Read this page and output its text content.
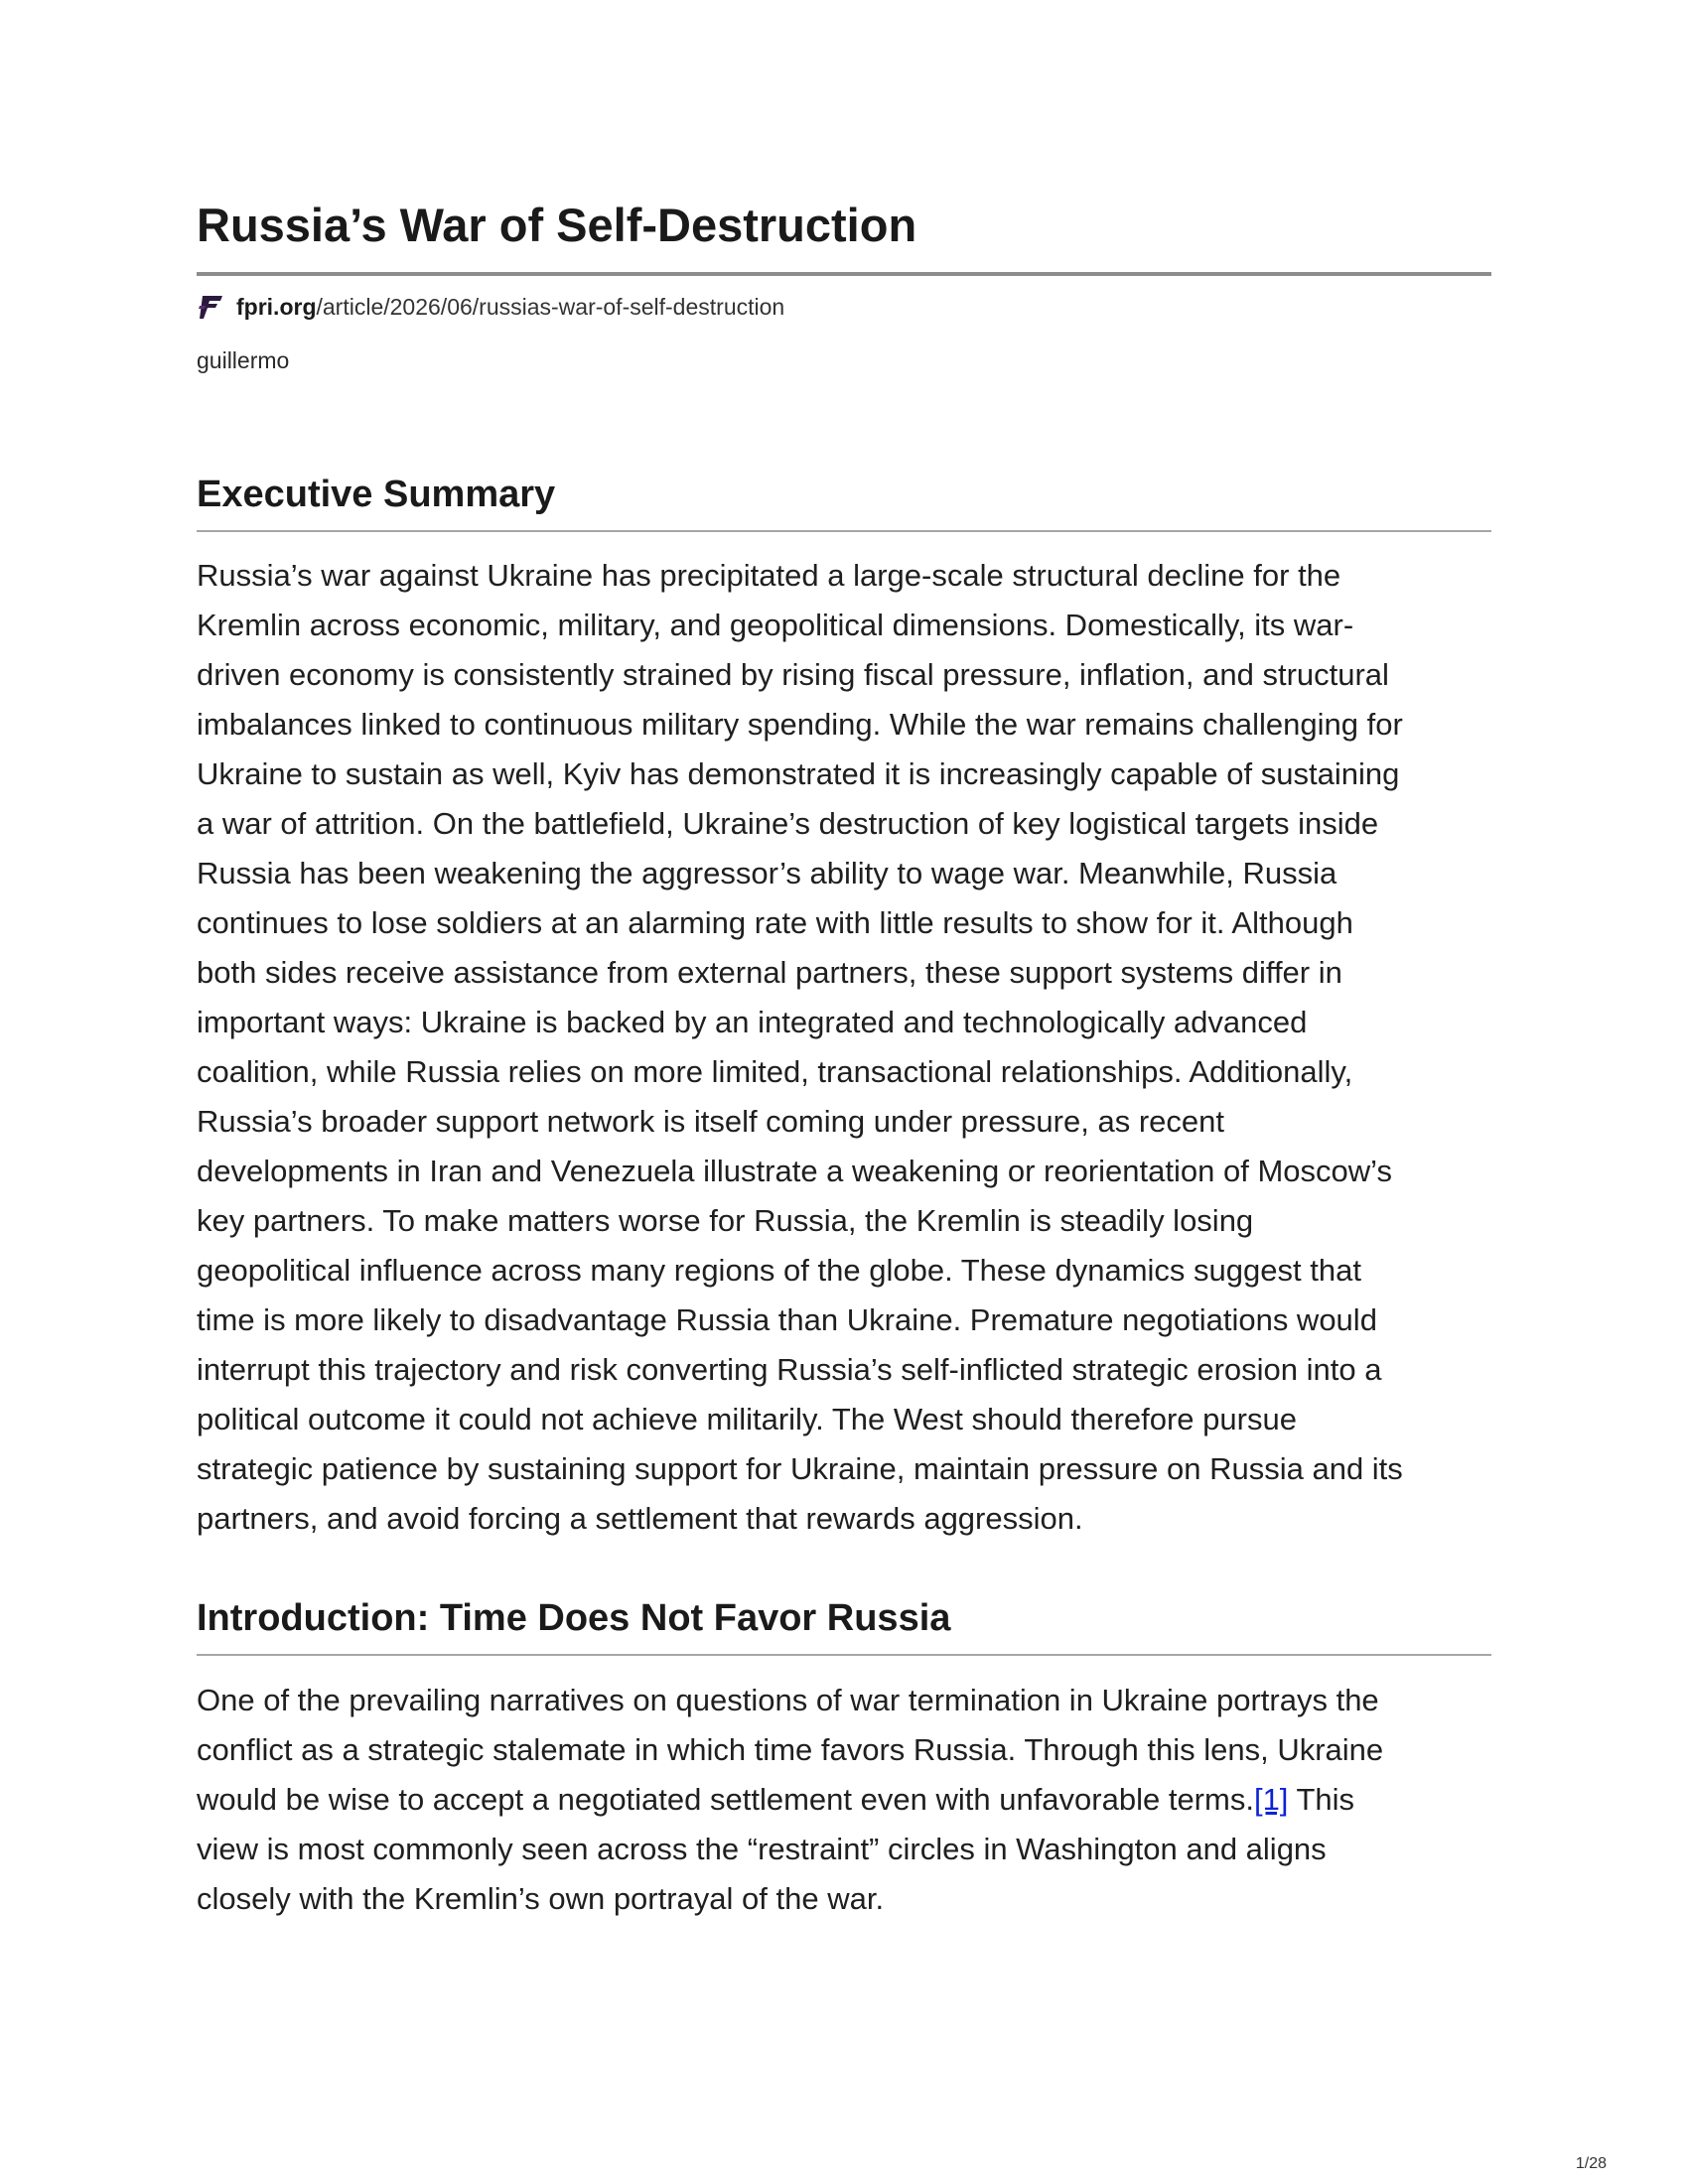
Russia’s War of Self-Destruction
fpri.org /article/2026/06/russias-war-of-self-destruction
guillermo
Executive Summary
Russia’s war against Ukraine has precipitated a large-scale structural decline for the
Kremlin across economic, military, and geopolitical dimensions. Domestically, its war-
driven economy is consistently strained by rising fiscal pressure, inflation, and structural
imbalances linked to continuous military spending. While the war remains challenging for
Ukraine to sustain as well, Kyiv has demonstrated it is increasingly capable of sustaining
a war of attrition. On the battlefield, Ukraine’s destruction of key logistical targets inside
Russia has been weakening the aggressor’s ability to wage war. Meanwhile, Russia
continues to lose soldiers at an alarming rate with little results to show for it. Although
both sides receive assistance from external partners, these support systems differ in
important ways: Ukraine is backed by an integrated and technologically advanced
coalition, while Russia relies on more limited, transactional relationships. Additionally,
Russia’s broader support network is itself coming under pressure, as recent
developments in Iran and Venezuela illustrate a weakening or reorientation of Moscow’s
key partners. To make matters worse for Russia, the Kremlin is steadily losing
geopolitical influence across many regions of the globe. These dynamics suggest that
time is more likely to disadvantage Russia than Ukraine. Premature negotiations would
interrupt this trajectory and risk converting Russia’s self-inflicted strategic erosion into a
political outcome it could not achieve militarily. The West should therefore pursue
strategic patience by sustaining support for Ukraine, maintain pressure on Russia and its
partners, and avoid forcing a settlement that rewards aggression.
Introduction: Time Does Not Favor Russia
One of the prevailing narratives on questions of war termination in Ukraine portrays the
conflict as a strategic stalemate in which time favors Russia. Through this lens, Ukraine
would be wise to accept a negotiated settlement even with unfavorable terms.[1] This
view is most commonly seen across the “restraint” circles in Washington and aligns
closely with the Kremlin’s own portrayal of the war.
1/28
